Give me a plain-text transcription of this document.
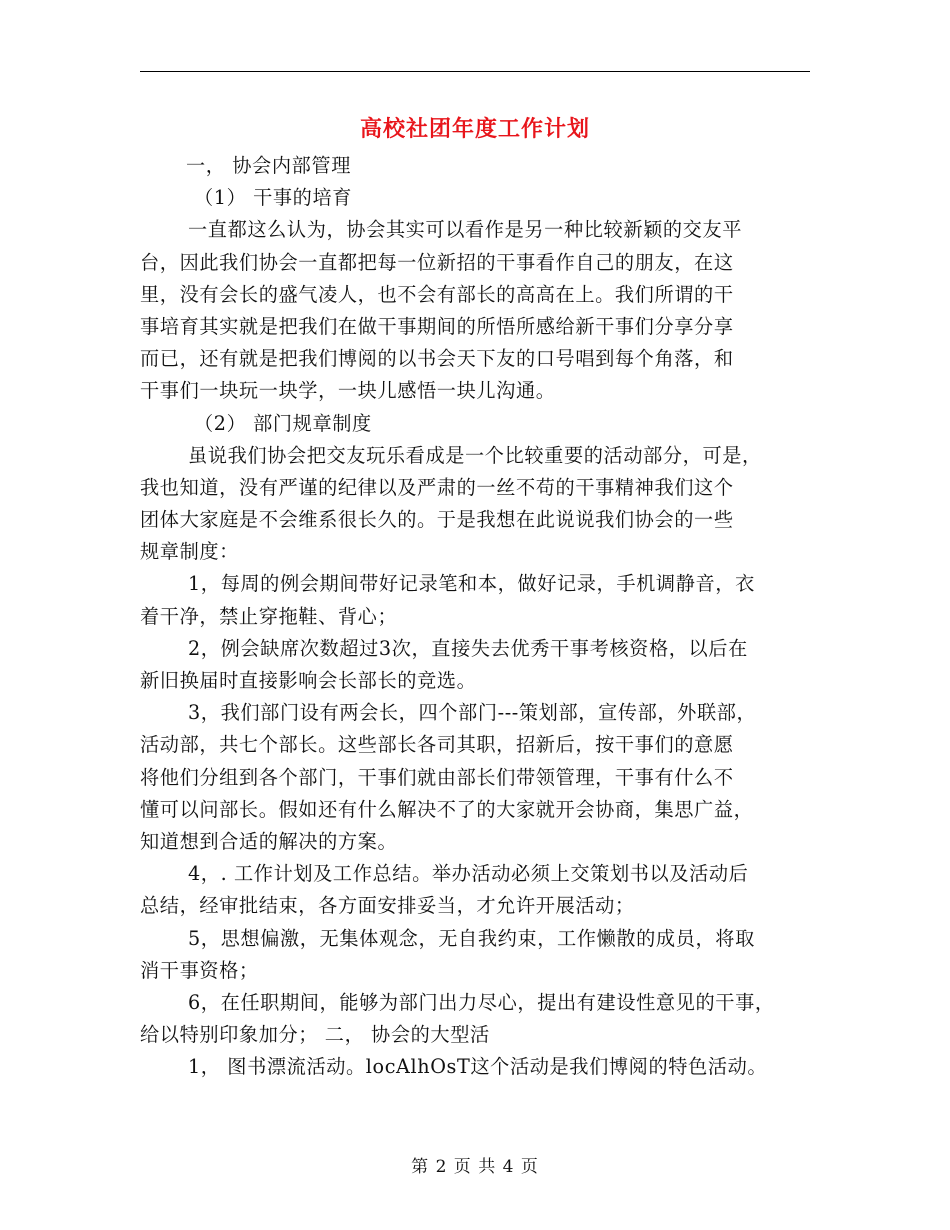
高校社团年度工作计划
一， 协会内部管理
（1） 干事的培育
一直都这么认为，协会其实可以看作是另一种比较新颖的交友平
台，因此我们协会一直都把每一位新招的干事看作自己的朋友，在这
里，没有会长的盛气凌人，也不会有部长的高高在上。我们所谓的干
事培育其实就是把我们在做干事期间的所悟所感给新干事们分享分享
而已，还有就是把我们博阅的以书会天下友的口号唱到每个角落，和
干事们一块玩一块学，一块儿感悟一块儿沟通。
（2） 部门规章制度
虽说我们协会把交友玩乐看成是一个比较重要的活动部分，可是，
我也知道，没有严谨的纪律以及严肃的一丝不苟的干事精神我们这个
团体大家庭是不会维系很长久的。于是我想在此说说我们协会的一些
规章制度：
1，每周的例会期间带好记录笔和本，做好记录，手机调静音，衣
着干净，禁止穿拖鞋、背心；
2，例会缺席次数超过3次，直接失去优秀干事考核资格，以后在
新旧换届时直接影响会长部长的竞选。
3，我们部门设有两会长，四个部门---策划部，宣传部，外联部，
活动部，共七个部长。这些部长各司其职，招新后，按干事们的意愿
将他们分组到各个部门，干事们就由部长们带领管理，干事有什么不
懂可以问部长。假如还有什么解决不了的大家就开会协商，集思广益，
知道想到合适的解决的方案。
4，. 工作计划及工作总结。举办活动必须上交策划书以及活动后
总结，经审批结束，各方面安排妥当，才允许开展活动；
5，思想偏激，无集体观念，无自我约束，工作懒散的成员，将取
消干事资格；
6，在任职期间，能够为部门出力尽心，提出有建设性意见的干事，
给以特别印象加分； 二， 协会的大型活
1， 图书漂流活动。locAlhOsT这个活动是我们博阅的特色活动。
第 2 页 共 4 页
